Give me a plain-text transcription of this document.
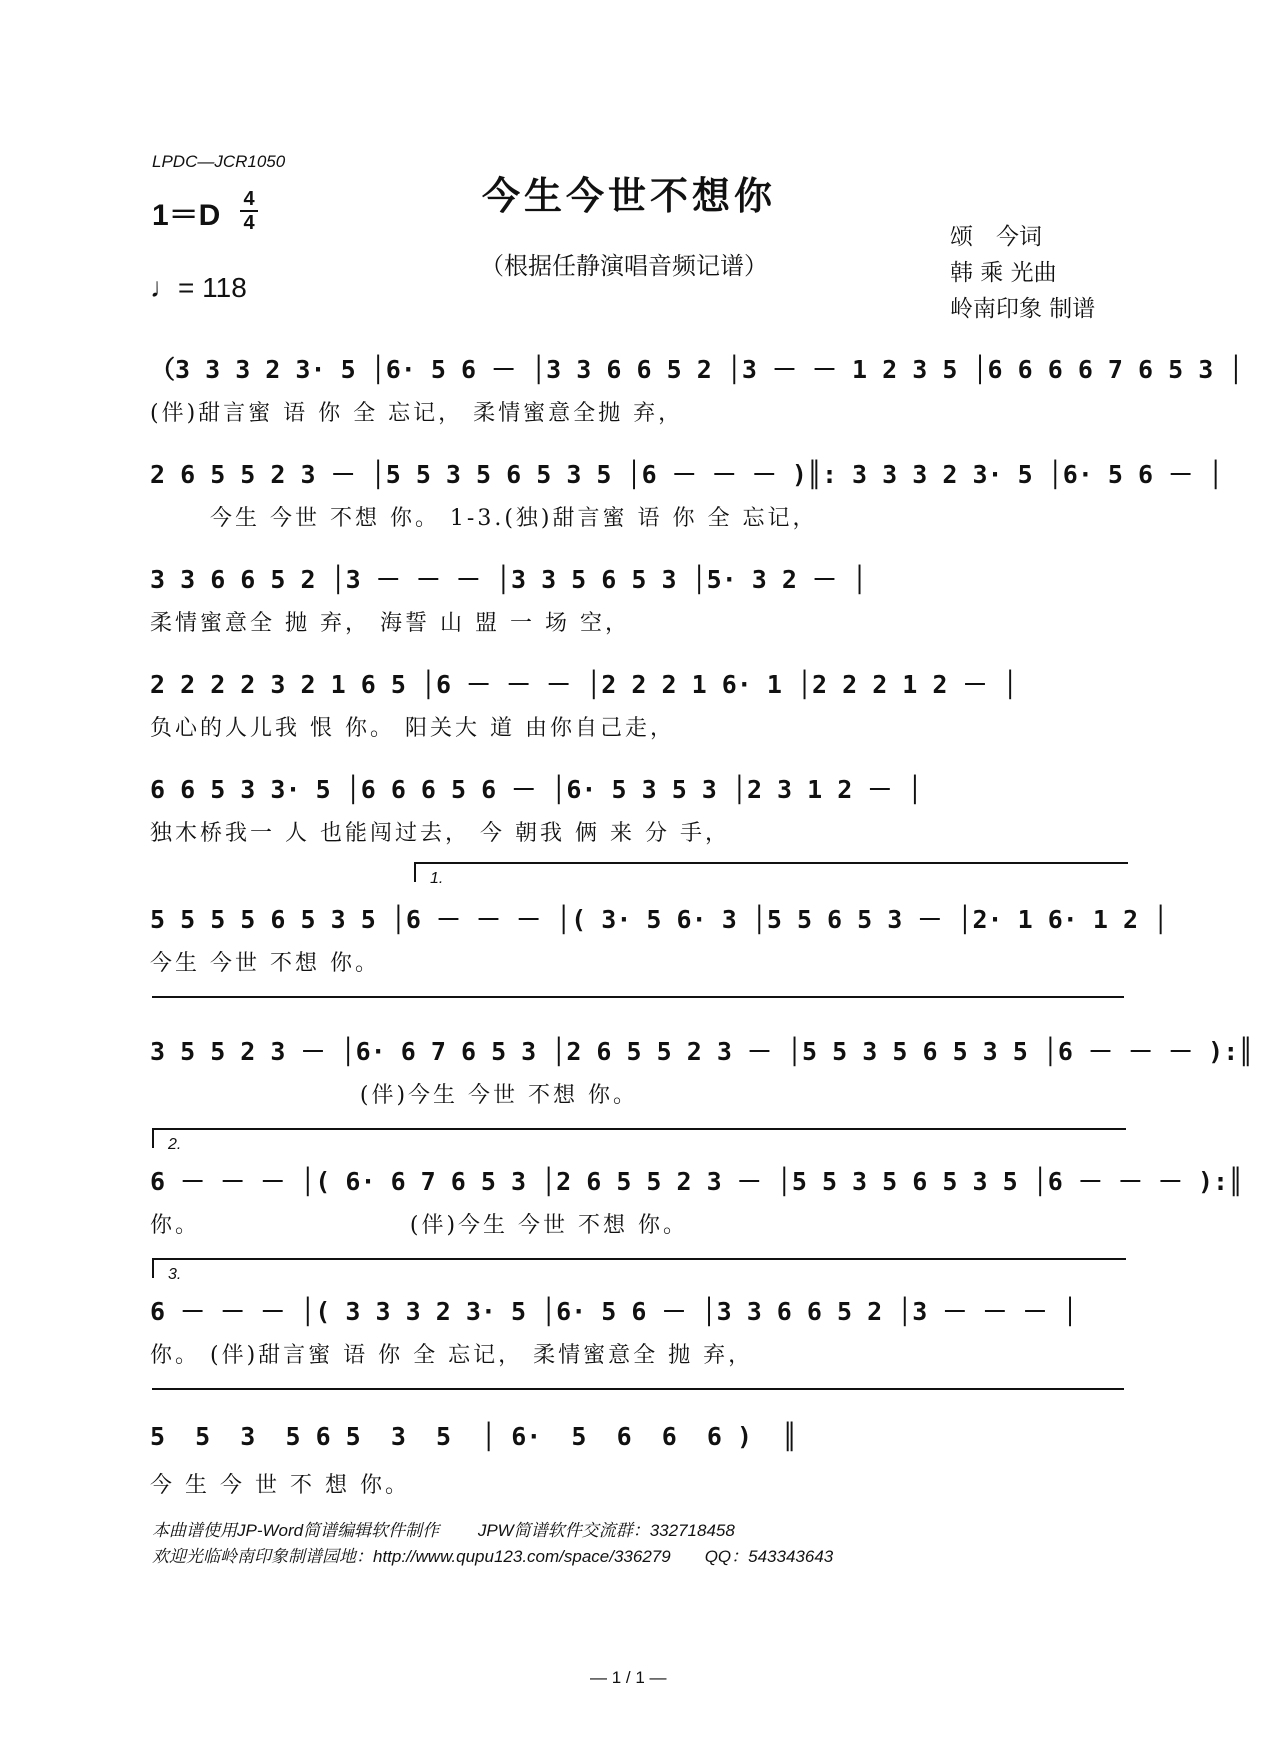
LPDC—JCR1050
1＝D 4
4
♩= 118
今生今世不想你
（根据任静演唱音频记谱）
颂　今词
韩 乘 光曲
岭南印象 制谱
（3 3 3 2 3· 5 │6· 5 6 － │3 3 6 6 5 2 │3 － － 1 2 3 5 │6 6 6 6 7 6 5 3 │
(伴)甜言蜜 语 你 全 忘记， 柔情蜜意全抛 弃，
2 6 5 5 2 3 － │5 5 3 5 6 5 3 5 │6 － － － )║: 3 3 3 2 3· 5 │6· 5 6 － │
今生 今世 不想 你。 1-3.(独)甜言蜜 语 你 全 忘记，
3 3 6 6 5 2 │3 － － － │3 3 5 6 5 3 │5· 3 2 － │
柔情蜜意全 抛 弃， 海誓 山 盟 一 场 空，
2 2 2 2 3 2 1 6 5 │6 － － － │2 2 2 1 6· 1 │2 2 2 1 2 － │
负心的人儿我 恨 你。 阳关大 道 由你自己走，
6 6 5 3 3· 5 │6 6 6 5 6 － │6· 5 3 5 3 │2 3 1 2 － │
独木桥我一 人 也能闯过去， 今 朝我 俩 来 分 手，
1.
5 5 5 5 6 5 3 5 │6 － － － │( 3· 5 6· 3 │5 5 6 5 3 － │2· 1 6· 1 2 │
今生 今世 不想 你。
3 5 5 2 3 － │6· 6 7 6 5 3 │2 6 5 5 2 3 － │5 5 3 5 6 5 3 5 │6 － － － ):║
(伴)今生 今世 不想 你。
2.
6 － － － │( 6· 6 7 6 5 3 │2 6 5 5 2 3 － │5 5 3 5 6 5 3 5 │6 － － － ):║
你。                     (伴)今生 今世 不想 你。
3.
6 － － － │( 3 3 3 2 3· 5 │6· 5 6 － │3 3 6 6 5 2 │3 － － － │
你。 (伴)甜言蜜 语 你 全 忘记， 柔情蜜意全 抛 弃，
5  5  3  5 6 5  3  5  │ 6·  5  6  6  6 )  ║
今 生 今 世 不 想 你。
本曲谱使用JP-Word简谱编辑软件制作　　 JPW简谱软件交流群：332718458
欢迎光临岭南印象制谱园地：http://www.qupu123.com/space/336279　　QQ：543343643
— 1 / 1 —
